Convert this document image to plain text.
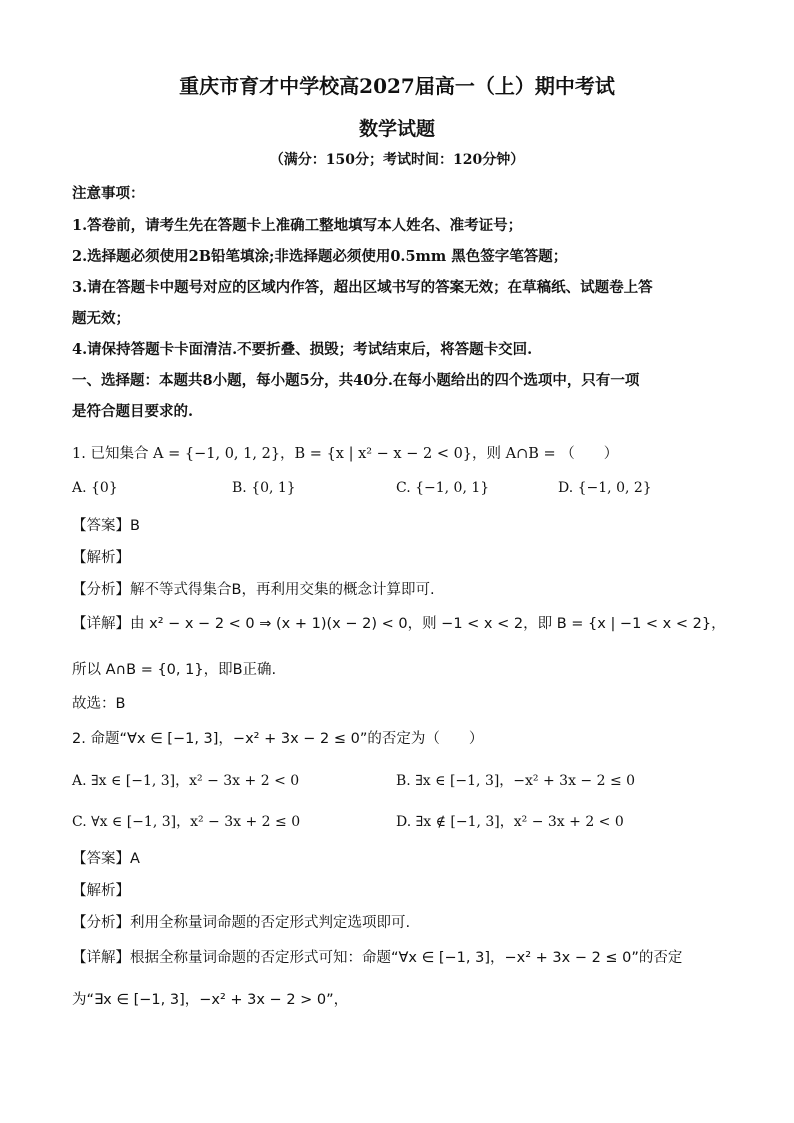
重庆市育才中学校高2027届高一（上）期中考试
数学试题
（满分：150分；考试时间：120分钟）
注意事项：
1.答卷前，请考生先在答题卡上准确工整地填写本人姓名、准考证号；
2.选择题必须使用2B铅笔填涂;非选择题必须使用0.5mm 黑色签字笔答题；
3.请在答题卡中题号对应的区域内作答，超出区域书写的答案无效；在草稿纸、试题卷上答
题无效；
4.请保持答题卡卡面清洁.不要折叠、损毁；考试结束后，将答题卡交回.
一、选择题：本题共8小题，每小题5分，共40分.在每小题给出的四个选项中，只有一项
是符合题目要求的.
1. 已知集合 A = {−1, 0, 1, 2}，B = {x | x² − x − 2 < 0}，则 A∩B = （　　）
A. {0}	B. {0, 1}	C. {−1, 0, 1}	D. {−1, 0, 2}
【答案】B
【解析】
【分析】解不等式得集合B，再利用交集的概念计算即可.
【详解】由 x² − x − 2 < 0 ⇒ (x + 1)(x − 2) < 0，则 −1 < x < 2，即 B = {x | −1 < x < 2}，
所以 A∩B = {0, 1}，即B正确.
故选：B
2. 命题“∀x ∈ [−1, 3]，−x² + 3x − 2 ≤ 0”的否定为（　　）
A. ∃x ∈ [−1, 3]，x² − 3x + 2 < 0	B. ∃x ∈ [−1, 3]，−x² + 3x − 2 ≤ 0
C. ∀x ∈ [−1, 3]，x² − 3x + 2 ≤ 0	D. ∃x ∉ [−1, 3]，x² − 3x + 2 < 0
【答案】A
【解析】
【分析】利用全称量词命题的否定形式判定选项即可.
【详解】根据全称量词命题的否定形式可知：命题“∀x ∈ [−1, 3]，−x² + 3x − 2 ≤ 0”的否定
为“∃x ∈ [−1, 3]，−x² + 3x − 2 > 0”，
